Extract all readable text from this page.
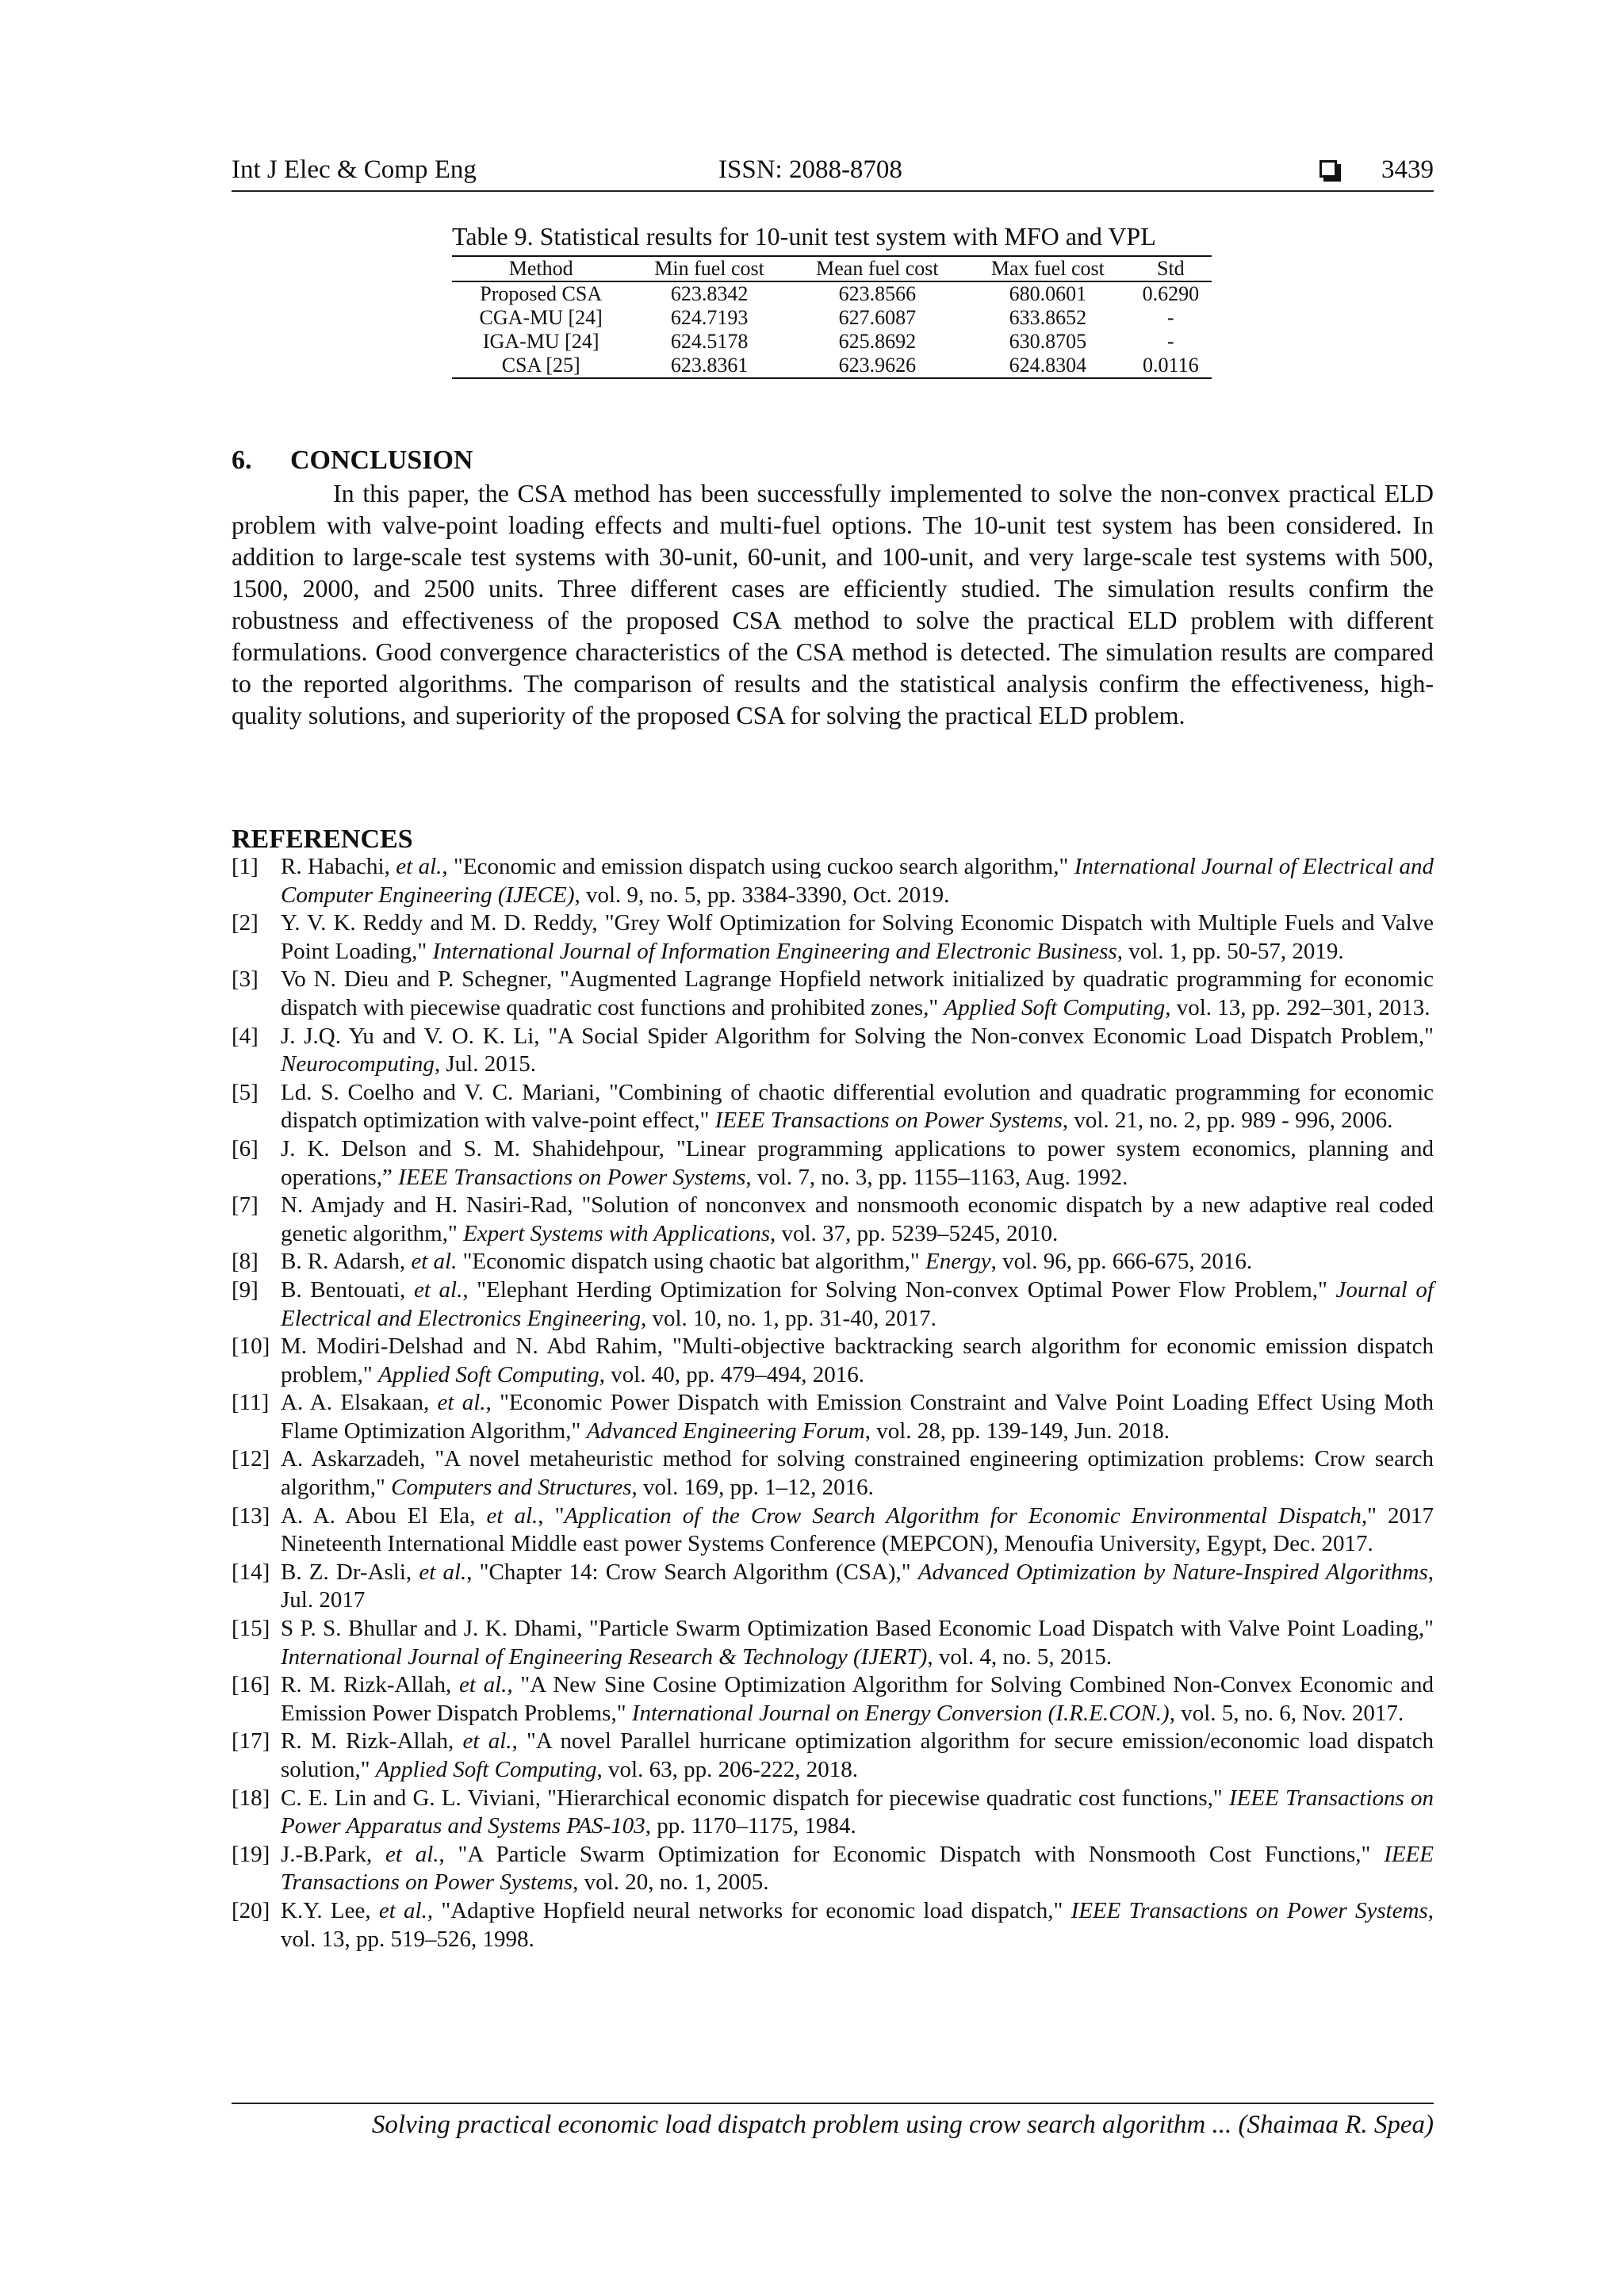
Int J Elec & Comp Eng	ISSN: 2088-8708	3439
Table 9. Statistical results for 10-unit test system with MFO and VPL
Method	Min fuel cost	Mean fuel cost	Max fuel cost	Std
Proposed CSA	623.8342	623.8566	680.0601	0.6290
CGA-MU [24]	624.7193	627.6087	633.8652	-
IGA-MU [24]	624.5178	625.8692	630.8705	-
CSA [25]	623.8361	623.9626	624.8304	0.0116
6. CONCLUSION

In this paper, the CSA method has been successfully implemented to solve the non-convex practical ELD problem with valve-point loading effects and multi-fuel options. The 10-unit test system has been considered. In addition to large-scale test systems with 30-unit, 60-unit, and 100-unit, and very large-scale test systems with 500, 1500, 2000, and 2500 units. Three different cases are efficiently studied. The simulation results confirm the robustness and effectiveness of the proposed CSA method to solve the practical ELD problem with different formulations. Good convergence characteristics of the CSA method is detected. The simulation results are compared to the reported algorithms. The comparison of results and the statistical analysis confirm the effectiveness, high-quality solutions, and superiority of the proposed CSA for solving the practical ELD problem.

REFERENCES
[1] R. Habachi, et al., "Economic and emission dispatch using cuckoo search algorithm," International Journal of Electrical and Computer Engineering (IJECE), vol. 9, no. 5, pp. 3384-3390, Oct. 2019.
[2] Y. V. K. Reddy and M. D. Reddy, "Grey Wolf Optimization for Solving Economic Dispatch with Multiple Fuels and Valve Point Loading," International Journal of Information Engineering and Electronic Business, vol. 1, pp. 50-57, 2019.
[3] Vo N. Dieu and P. Schegner, "Augmented Lagrange Hopfield network initialized by quadratic programming for economic dispatch with piecewise quadratic cost functions and prohibited zones," Applied Soft Computing, vol. 13, pp. 292–301, 2013.
[4] J. J.Q. Yu and V. O. K. Li, "A Social Spider Algorithm for Solving the Non-convex Economic Load Dispatch Problem," Neurocomputing, Jul. 2015.
[5] Ld. S. Coelho and V. C. Mariani, "Combining of chaotic differential evolution and quadratic programming for economic dispatch optimization with valve-point effect," IEEE Transactions on Power Systems, vol. 21, no. 2, pp. 989 - 996, 2006.
[6] J. K. Delson and S. M. Shahidehpour, "Linear programming applications to power system economics, planning and operations,” IEEE Transactions on Power Systems, vol. 7, no. 3, pp. 1155–1163, Aug. 1992.
[7] N. Amjady and H. Nasiri-Rad, "Solution of nonconvex and nonsmooth economic dispatch by a new adaptive real coded genetic algorithm," Expert Systems with Applications, vol. 37, pp. 5239–5245, 2010.
[8] B. R. Adarsh, et al. "Economic dispatch using chaotic bat algorithm," Energy, vol. 96, pp. 666-675, 2016.
[9] B. Bentouati, et al., "Elephant Herding Optimization for Solving Non-convex Optimal Power Flow Problem," Journal of Electrical and Electronics Engineering, vol. 10, no. 1, pp. 31-40, 2017.
[10] M. Modiri-Delshad and N. Abd Rahim, "Multi-objective backtracking search algorithm for economic emission dispatch problem," Applied Soft Computing, vol. 40, pp. 479–494, 2016.
[11] A. A. Elsakaan, et al., "Economic Power Dispatch with Emission Constraint and Valve Point Loading Effect Using Moth Flame Optimization Algorithm," Advanced Engineering Forum, vol. 28, pp. 139-149, Jun. 2018.
[12] A. Askarzadeh, "A novel metaheuristic method for solving constrained engineering optimization problems: Crow search algorithm," Computers and Structures, vol. 169, pp. 1–12, 2016.
[13] A. A. Abou El Ela, et al., "Application of the Crow Search Algorithm for Economic Environmental Dispatch," 2017 Nineteenth International Middle east power Systems Conference (MEPCON), Menoufia University, Egypt, Dec. 2017.
[14] B. Z. Dr-Asli, et al., "Chapter 14: Crow Search Algorithm (CSA)," Advanced Optimization by Nature-Inspired Algorithms, Jul. 2017
[15] S P. S. Bhullar and J. K. Dhami, "Particle Swarm Optimization Based Economic Load Dispatch with Valve Point Loading," International Journal of Engineering Research & Technology (IJERT), vol. 4, no. 5, 2015.
[16] R. M. Rizk-Allah, et al., "A New Sine Cosine Optimization Algorithm for Solving Combined Non-Convex Economic and Emission Power Dispatch Problems," International Journal on Energy Conversion (I.R.E.CON.), vol. 5, no. 6, Nov. 2017.
[17] R. M. Rizk-Allah, et al., "A novel Parallel hurricane optimization algorithm for secure emission/economic load dispatch solution," Applied Soft Computing, vol. 63, pp. 206-222, 2018.
[18] C. E. Lin and G. L. Viviani, "Hierarchical economic dispatch for piecewise quadratic cost functions," IEEE Transactions on Power Apparatus and Systems PAS-103, pp. 1170–1175, 1984.
[19] J.-B.Park, et al., "A Particle Swarm Optimization for Economic Dispatch with Nonsmooth Cost Functions," IEEE Transactions on Power Systems, vol. 20, no. 1, 2005.
[20] K.Y. Lee, et al., "Adaptive Hopfield neural networks for economic load dispatch," IEEE Transactions on Power Systems, vol. 13, pp. 519–526, 1998.
Solving practical economic load dispatch problem using crow search algorithm ... (Shaimaa R. Spea)
